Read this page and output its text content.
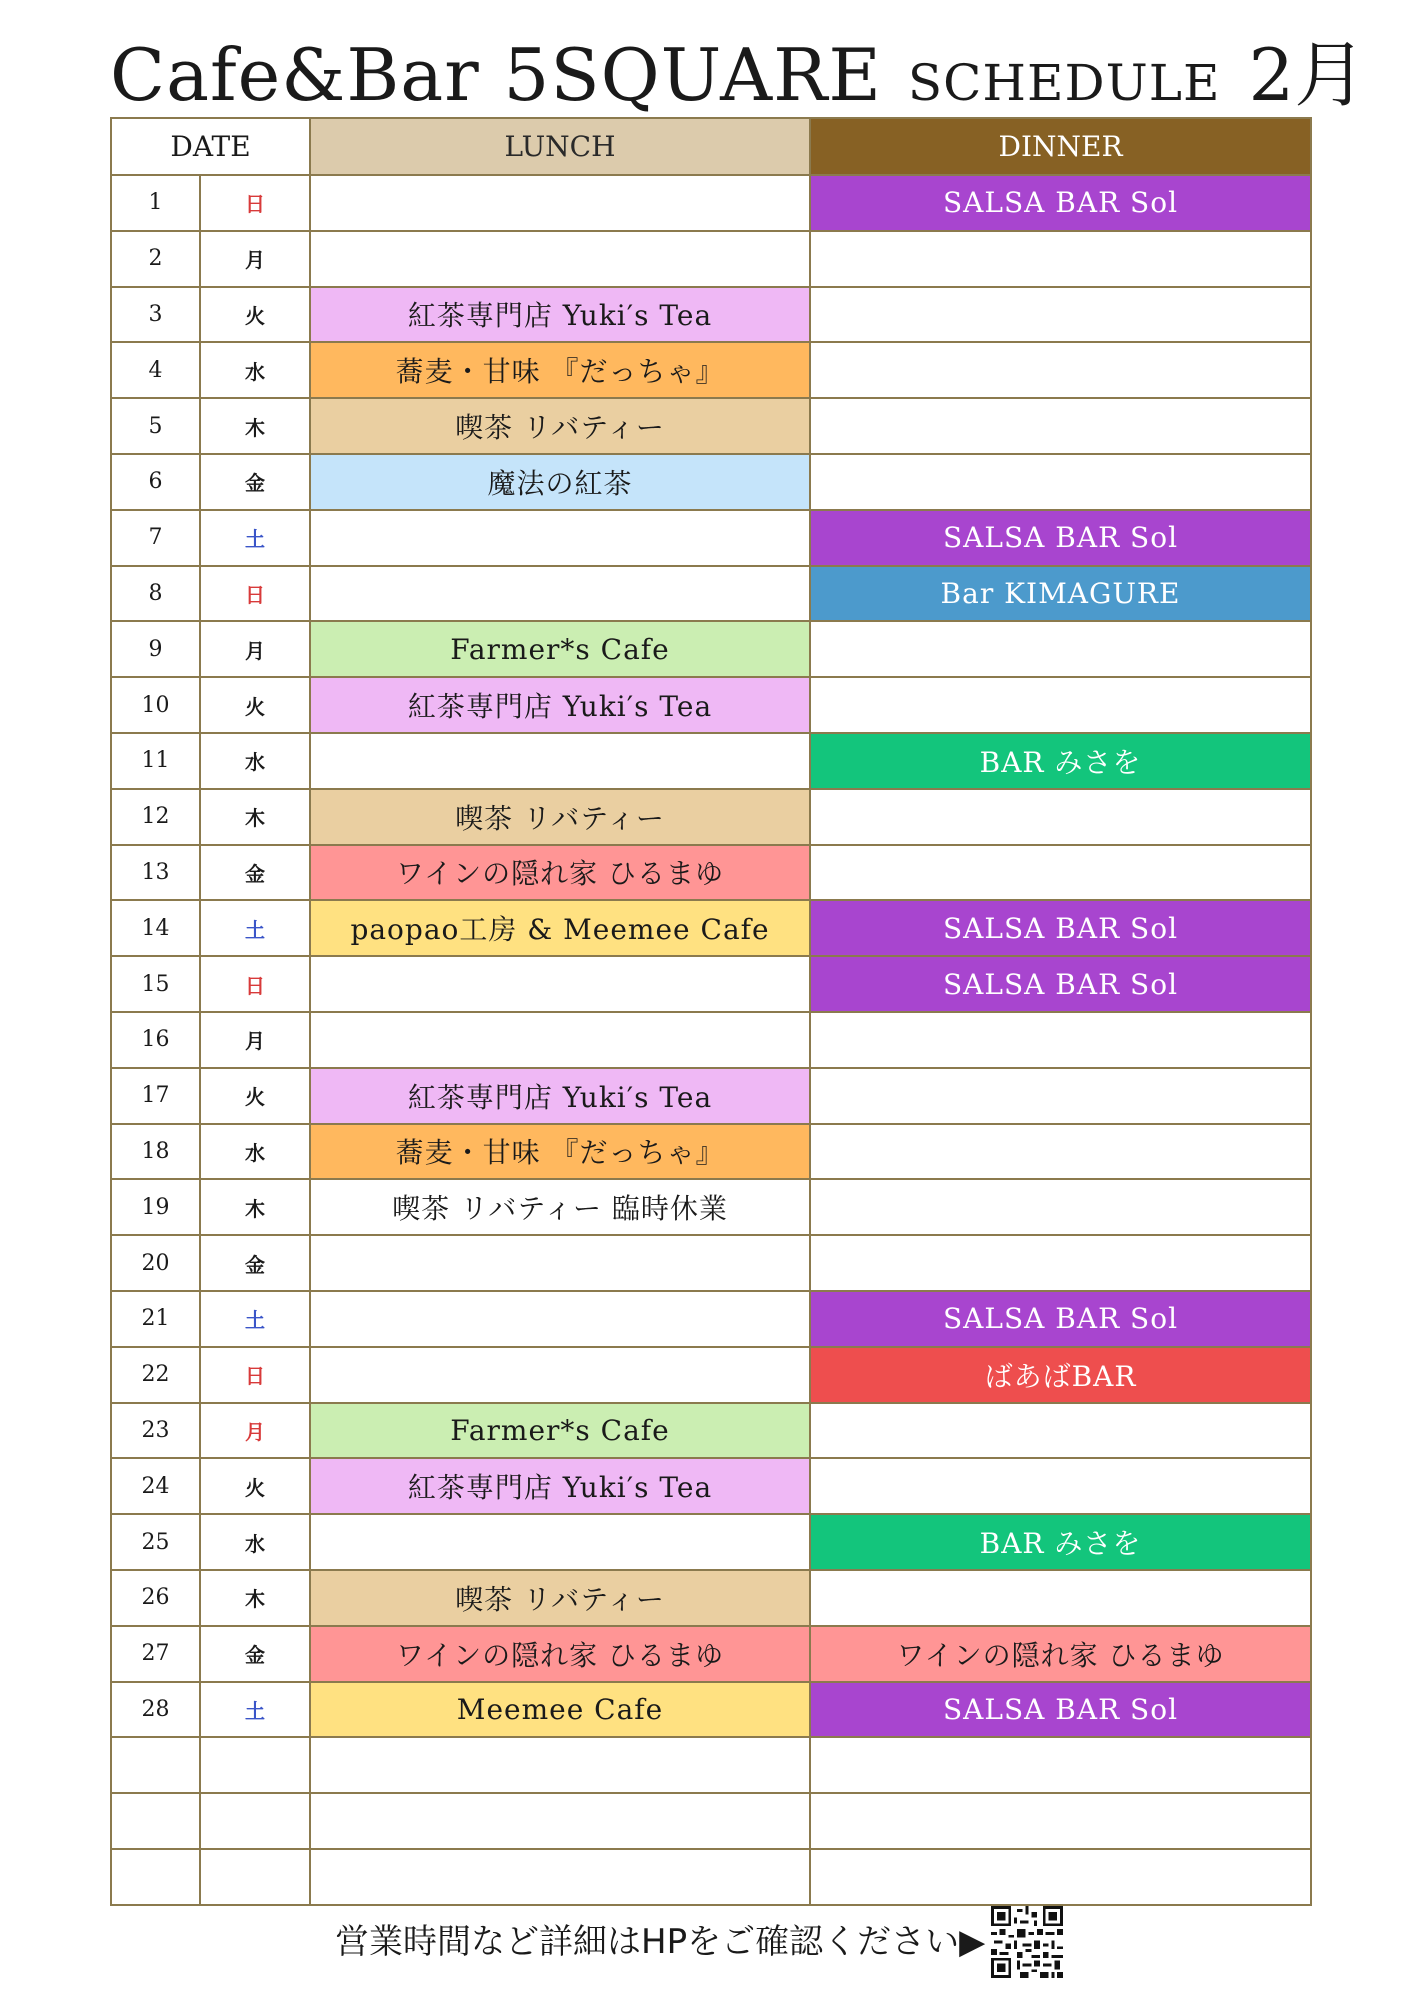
Cafe&Bar 5SQUARE SCHEDULE 2月
DATE		LUNCH	DINNER
1	日		SALSA BAR Sol
2	月		
3	火	紅茶専門店 Yuki′s Tea	
4	水	蕎麦・甘味 『だっちゃ』	
5	木	喫茶 リバティー	
6	金	魔法の紅茶	
7	土		SALSA BAR Sol
8	日		Bar KIMAGURE
9	月	Farmer*s Cafe	
10	火	紅茶専門店 Yuki′s Tea	
11	水		BAR みさを
12	木	喫茶 リバティー	
13	金	ワインの隠れ家 ひるまゆ	
14	土	paopao工房 & Meemee Cafe	SALSA BAR Sol
15	日		SALSA BAR Sol
16	月		
17	火	紅茶専門店 Yuki′s Tea	
18	水	蕎麦・甘味 『だっちゃ』	
19	木	喫茶 リバティー 臨時休業	
20	金		
21	土		SALSA BAR Sol
22	日		ばあばBAR
23	月	Farmer*s Cafe	
24	火	紅茶専門店 Yuki′s Tea	
25	水		BAR みさを
26	木	喫茶 リバティー	
27	金	ワインの隠れ家 ひるまゆ	ワインの隠れ家 ひるまゆ
28	土	Meemee Cafe	SALSA BAR Sol

営業時間など詳細はHPをご確認ください▶
